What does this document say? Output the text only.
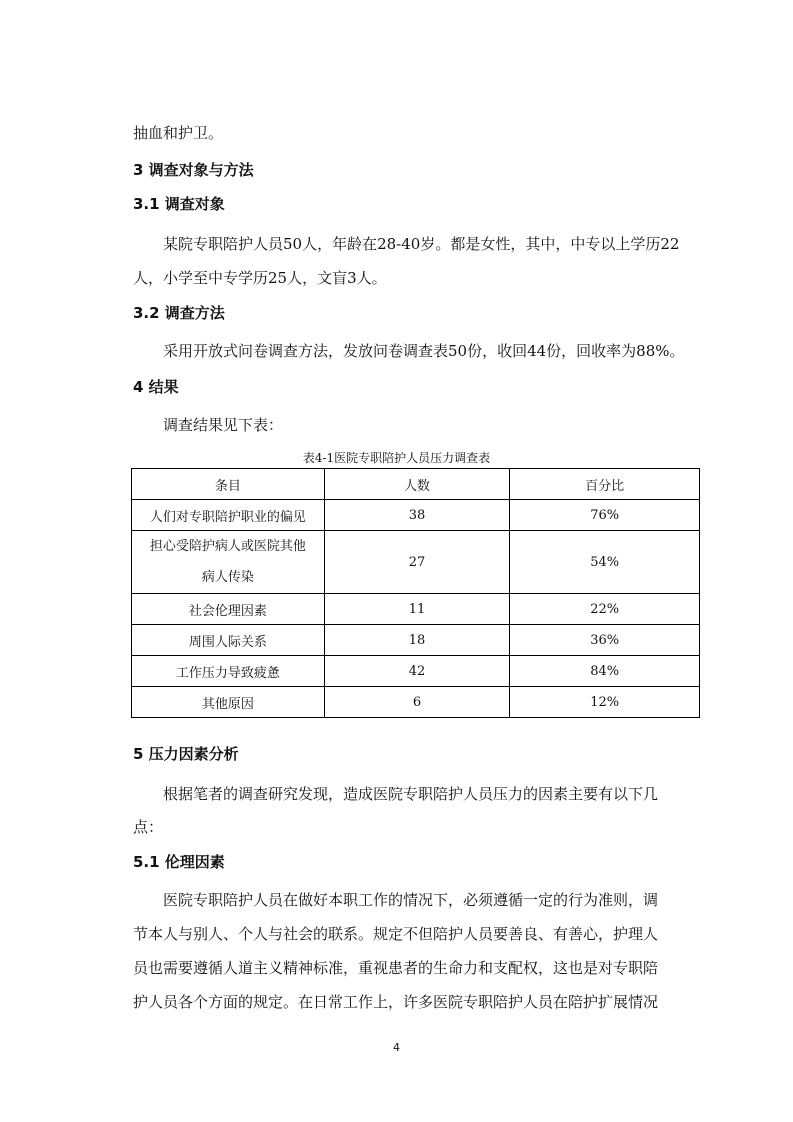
抽血和护卫。
3 调查对象与方法
3.1 调查对象
某院专职陪护人员50人，年龄在28-40岁。都是女性，其中，中专以上学历22
人，小学至中专学历25人，文盲3人。
3.2 调查方法
采用开放式问卷调查方法，发放问卷调查表50份，收回44份，回收率为88%。
4 结果
调查结果见下表：
表4-1医院专职陪护人员压力调查表
条目	人数	百分比
人们对专职陪护职业的偏见	38	76%
担心受陪护病人或医院其他
病人传染	27	54%
社会伦理因素	11	22%
周围人际关系	18	36%
工作压力导致疲惫	42	84%
其他原因	6	12%
5 压力因素分析
根据笔者的调查研究发现，造成医院专职陪护人员压力的因素主要有以下几
点：
5.1 伦理因素
医院专职陪护人员在做好本职工作的情况下，必须遵循一定的行为准则，调
节本人与别人、个人与社会的联系。规定不但陪护人员要善良、有善心，护理人
员也需要遵循人道主义精神标准，重视患者的生命力和支配权，这也是对专职陪
护人员各个方面的规定。在日常工作上，许多医院专职陪护人员在陪护扩展情况
4
